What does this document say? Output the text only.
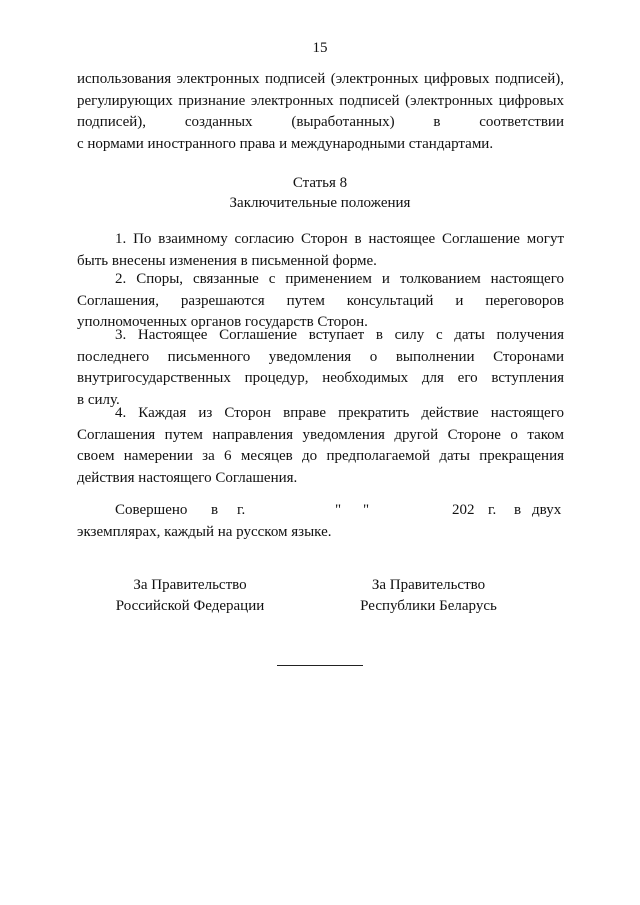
15
использования электронных подписей (электронных цифровых подписей),
регулирующих признание электронных подписей (электронных цифровых
подписей), созданных (выработанных) в соответствии
с нормами иностранного права и международными стандартами.
Статья 8
Заключительные положения
1. По взаимному согласию Сторон в настоящее Соглашение могут
быть внесены изменения в письменной форме.
2. Споры, связанные с применением и толкованием настоящего
Соглашения, разрешаются путем консультаций и переговоров
уполномоченных органов государств Сторон.
3. Настоящее Соглашение вступает в силу с даты получения
последнего письменного уведомления о выполнении Сторонами
внутригосударственных процедур, необходимых для его вступления
в силу.
4. Каждая из Сторон вправе прекратить действие настоящего
Соглашения путем направления уведомления другой Стороне о таком
своем намерении за 6 месяцев до предполагаемой даты прекращения
действия настоящего Соглашения.
Совершено в г.	" "	202 г. в двух
экземплярах, каждый на русском языке.
За Правительство
Российской Федерации
За Правительство
Республики Беларусь
